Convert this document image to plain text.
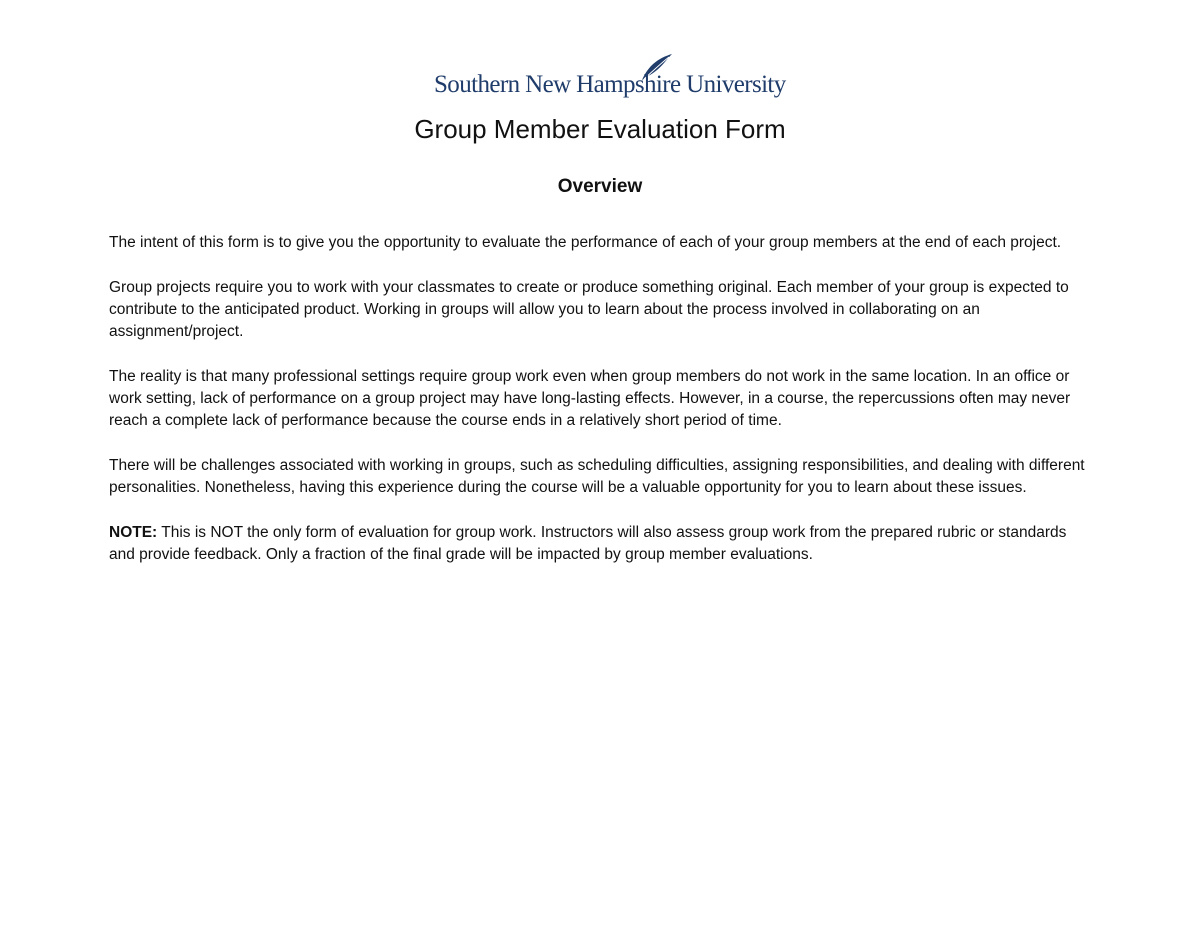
Southern New Hampshire University
Group Member Evaluation Form
Overview

The intent of this form is to give you the opportunity to evaluate the performance of each of your group members at the end of each project.

Group projects require you to work with your classmates to create or produce something original. Each member of your group is expected to contribute to the anticipated product. Working in groups will allow you to learn about the process involved in collaborating on an assignment/project.

The reality is that many professional settings require group work even when group members do not work in the same location. In an office or work setting, lack of performance on a group project may have long-lasting effects. However, in a course, the repercussions often may never reach a complete lack of performance because the course ends in a relatively short period of time.

There will be challenges associated with working in groups, such as scheduling difficulties, assigning responsibilities, and dealing with different personalities. Nonetheless, having this experience during the course will be a valuable opportunity for you to learn about these issues.

NOTE: This is NOT the only form of evaluation for group work. Instructors will also assess group work from the prepared rubric or standards and provide feedback. Only a fraction of the final grade will be impacted by group member evaluations.
